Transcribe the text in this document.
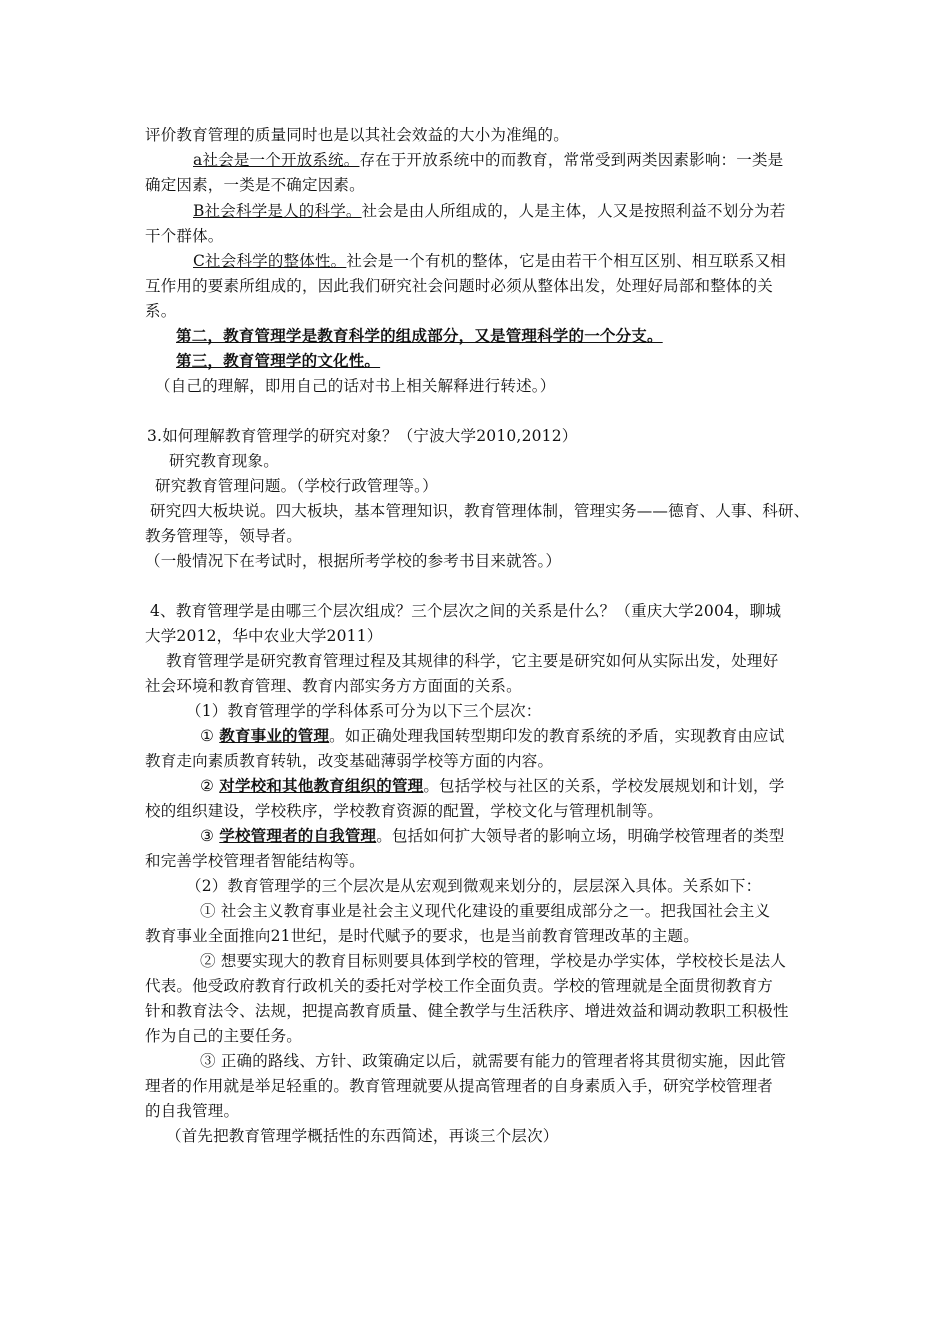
评价教育管理的质量同时也是以其社会效益的大小为准绳的。
a社会是一个开放系统。存在于开放系统中的而教育，常常受到两类因素影响：一类是
确定因素，一类是不确定因素。
B社会科学是人的科学。社会是由人所组成的，人是主体，人又是按照利益不划分为若
干个群体。
C社会科学的整体性。社会是一个有机的整体，它是由若干个相互区别、相互联系又相
互作用的要素所组成的，因此我们研究社会问题时必须从整体出发，处理好局部和整体的关
系。
第二，教育管理学是教育科学的组成部分，又是管理科学的一个分支。
第三，教育管理学的文化性。
（自己的理解，即用自己的话对书上相关解释进行转述。）
3.如何理解教育管理学的研究对象？（宁波大学2010,2012）
研究教育现象。
研究教育管理问题。（学校行政管理等。）
研究四大板块说。四大板块，基本管理知识，教育管理体制，管理实务——德育、人事、科研、
教务管理等，领导者。
（一般情况下在考试时，根据所考学校的参考书目来就答。）
4、教育管理学是由哪三个层次组成？三个层次之间的关系是什么？（重庆大学2004，聊城
大学2012，华中农业大学2011）
教育管理学是研究教育管理过程及其规律的科学，它主要是研究如何从实际出发，处理好
社会环境和教育管理、教育内部实务方方面面的关系。
（1）教育管理学的学科体系可分为以下三个层次：
① 教育事业的管理。如正确处理我国转型期印发的教育系统的矛盾，实现教育由应试
教育走向素质教育转轨，改变基础薄弱学校等方面的内容。
② 对学校和其他教育组织的管理。包括学校与社区的关系，学校发展规划和计划，学
校的组织建设，学校秩序，学校教育资源的配置，学校文化与管理机制等。
③ 学校管理者的自我管理。包括如何扩大领导者的影响立场，明确学校管理者的类型
和完善学校管理者智能结构等。
（2）教育管理学的三个层次是从宏观到微观来划分的，层层深入具体。关系如下：
① 社会主义教育事业是社会主义现代化建设的重要组成部分之一。把我国社会主义
教育事业全面推向21世纪，是时代赋予的要求，也是当前教育管理改革的主题。
② 想要实现大的教育目标则要具体到学校的管理，学校是办学实体，学校校长是法人
代表。他受政府教育行政机关的委托对学校工作全面负责。学校的管理就是全面贯彻教育方
针和教育法令、法规，把提高教育质量、健全教学与生活秩序、增进效益和调动教职工积极性
作为自己的主要任务。
③ 正确的路线、方针、政策确定以后，就需要有能力的管理者将其贯彻实施，因此管
理者的作用就是举足轻重的。教育管理就要从提高管理者的自身素质入手，研究学校管理者
的自我管理。
（首先把教育管理学概括性的东西简述，再谈三个层次）
